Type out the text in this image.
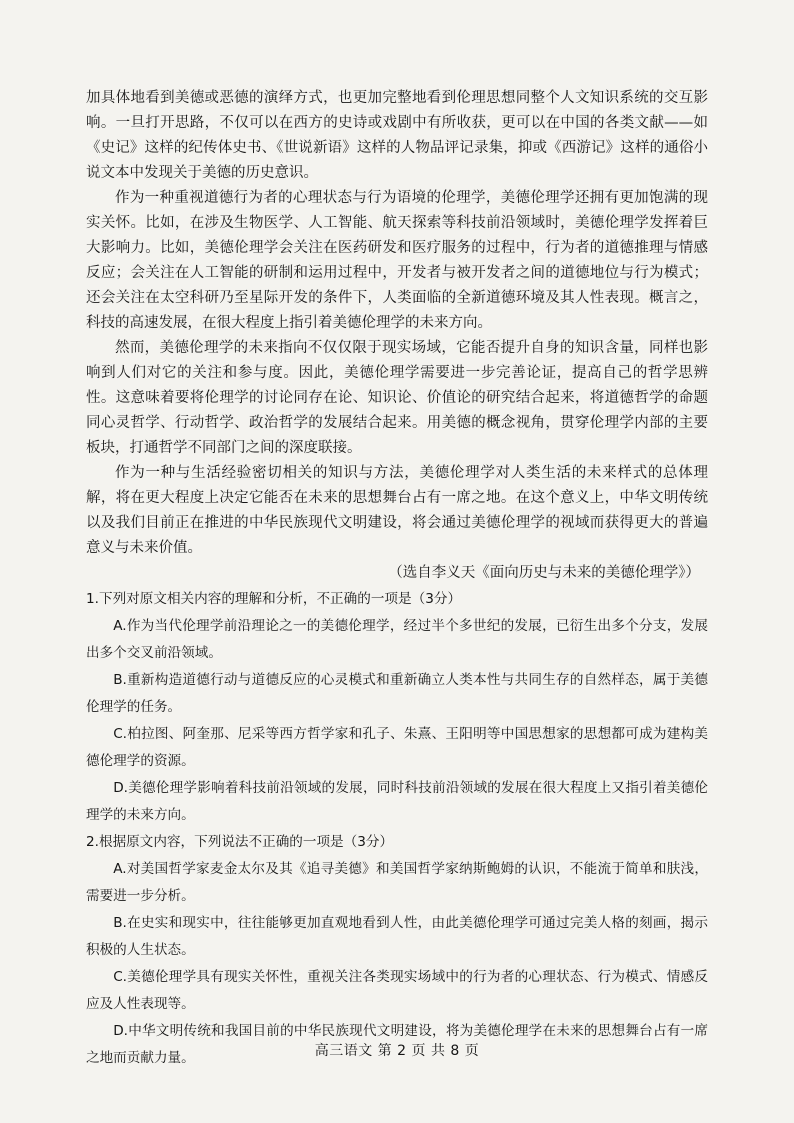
加具体地看到美德或恶德的演绎方式，也更加完整地看到伦理思想同整个人文知识系统的交互影响。一旦打开思路，不仅可以在西方的史诗或戏剧中有所收获，更可以在中国的各类文献——如《史记》这样的纪传体史书、《世说新语》这样的人物品评记录集，抑或《西游记》这样的通俗小说文本中发现关于美德的历史意识。

作为一种重视道德行为者的心理状态与行为语境的伦理学，美德伦理学还拥有更加饱满的现实关怀。比如，在涉及生物医学、人工智能、航天探索等科技前沿领域时，美德伦理学发挥着巨大影响力。比如，美德伦理学会关注在医药研发和医疗服务的过程中，行为者的道德推理与情感反应；会关注在人工智能的研制和运用过程中，开发者与被开发者之间的道德地位与行为模式；还会关注在太空科研乃至星际开发的条件下，人类面临的全新道德环境及其人性表现。概言之，科技的高速发展，在很大程度上指引着美德伦理学的未来方向。

然而，美德伦理学的未来指向不仅仅限于现实场域，它能否提升自身的知识含量，同样也影响到人们对它的关注和参与度。因此，美德伦理学需要进一步完善论证，提高自己的哲学思辨性。这意味着要将伦理学的讨论同存在论、知识论、价值论的研究结合起来，将道德哲学的命题同心灵哲学、行动哲学、政治哲学的发展结合起来。用美德的概念视角，贯穿伦理学内部的主要板块，打通哲学不同部门之间的深度联接。

作为一种与生活经验密切相关的知识与方法，美德伦理学对人类生活的未来样式的总体理解，将在更大程度上决定它能否在未来的思想舞台占有一席之地。在这个意义上，中华文明传统以及我们目前正在推进的中华民族现代文明建设，将会通过美德伦理学的视域而获得更大的普遍意义与未来价值。

（选自李义天《面向历史与未来的美德伦理学》）

1.下列对原文相关内容的理解和分析，不正确的一项是（3分）

A.作为当代伦理学前沿理论之一的美德伦理学，经过半个多世纪的发展，已衍生出多个分支，发展出多个交叉前沿领域。

B.重新构造道德行动与道德反应的心灵模式和重新确立人类本性与共同生存的自然样态，属于美德伦理学的任务。

C.柏拉图、阿奎那、尼采等西方哲学家和孔子、朱熹、王阳明等中国思想家的思想都可成为建构美德伦理学的资源。

D.美德伦理学影响着科技前沿领域的发展，同时科技前沿领域的发展在很大程度上又指引着美德伦理学的未来方向。

2.根据原文内容，下列说法不正确的一项是（3分）

A.对美国哲学家麦金太尔及其《追寻美德》和美国哲学家纳斯鲍姆的认识，不能流于简单和肤浅，需要进一步分析。

B.在史实和现实中，往往能够更加直观地看到人性，由此美德伦理学可通过完美人格的刻画，揭示积极的人生状态。

C.美德伦理学具有现实关怀性，重视关注各类现实场域中的行为者的心理状态、行为模式、情感反应及人性表现等。

D.中华文明传统和我国目前的中华民族现代文明建设，将为美德伦理学在未来的思想舞台占有一席之地而贡献力量。	高三语文 第 2 页 共 8 页
